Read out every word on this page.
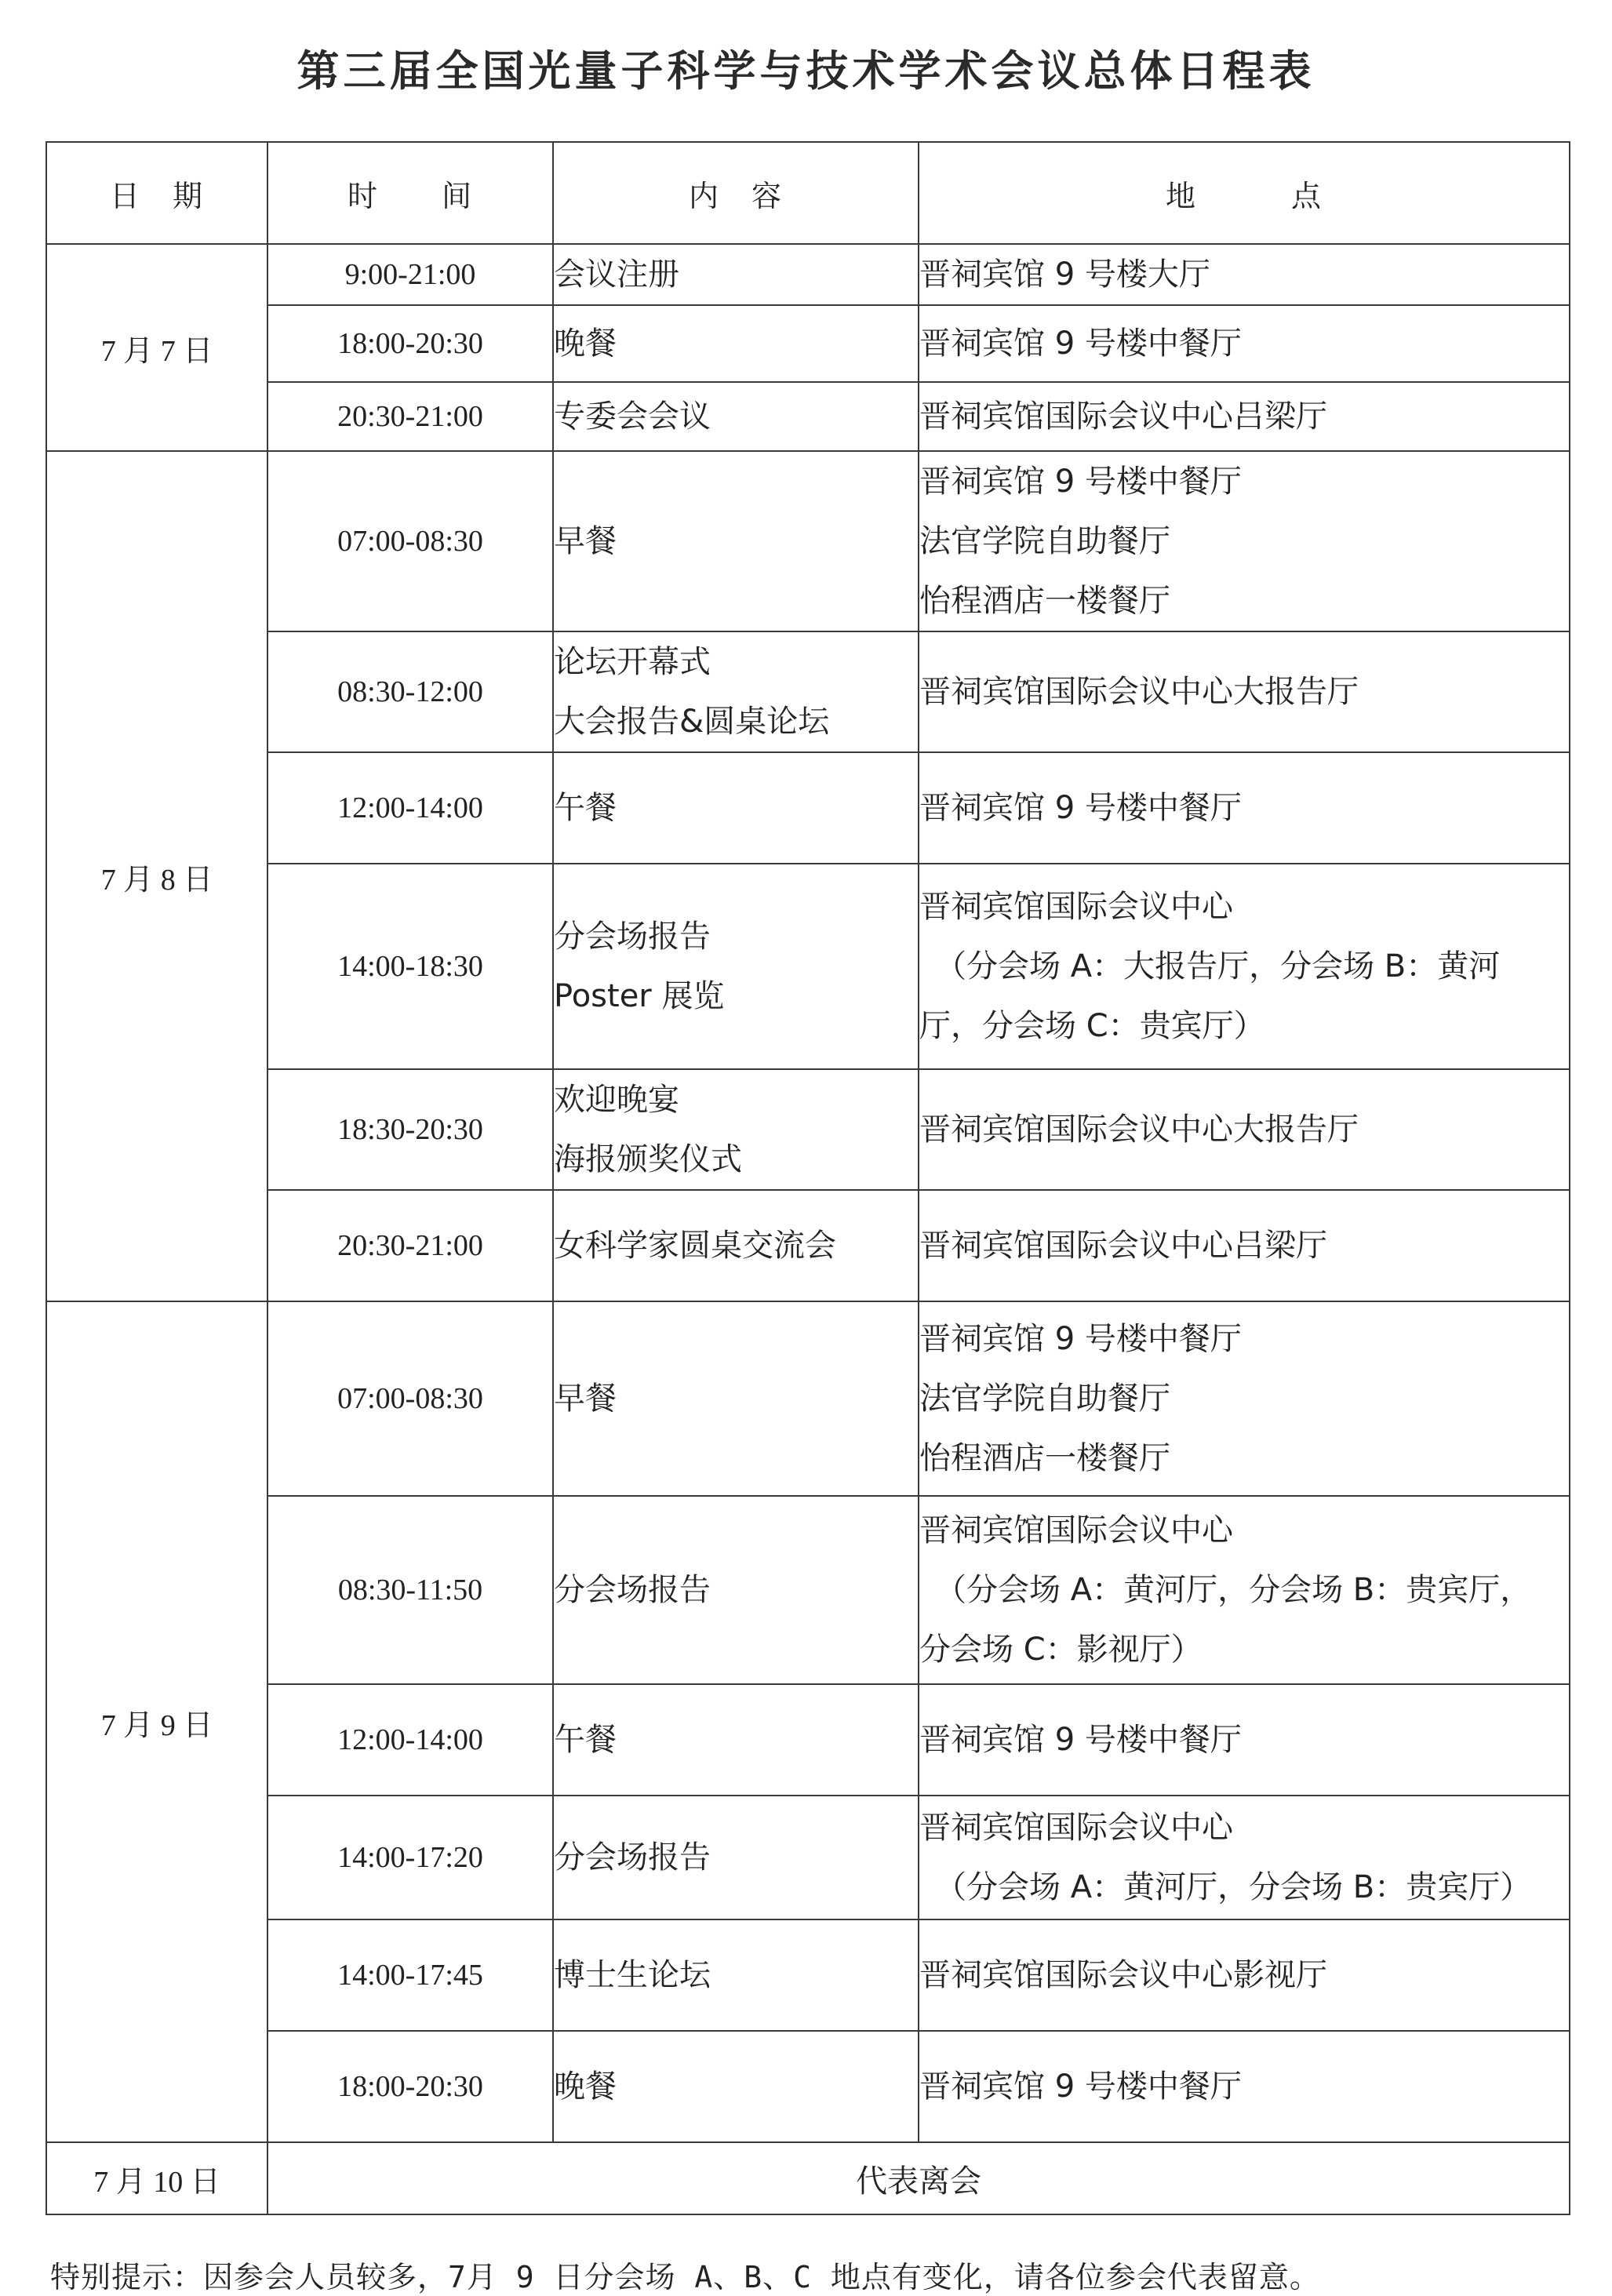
第三届全国光量子科学与技术学术会议总体日程表
日　期	时　　间	内　容	地　　　点
7 月 7 日	9:00-21:00	会议注册	晋祠宾馆 9 号楼大厅

	18:00-20:30	晚餐	晋祠宾馆 9 号楼中餐厅

	20:30-21:00	专委会会议	晋祠宾馆国际会议中心吕梁厅

7 月 8 日	07:00-08:30	早餐	晋祠宾馆 9 号楼中餐厅
法官学院自助餐厅
怡程酒店一楼餐厅

	08:30-12:00	论坛开幕式
大会报告&圆桌论坛	晋祠宾馆国际会议中心大报告厅

	12:00-14:00	午餐	晋祠宾馆 9 号楼中餐厅

	14:00-18:30	分会场报告
Poster 展览	晋祠宾馆国际会议中心
（分会场 A：大报告厅，分会场 B：黄河
厅，分会场 C：贵宾厅）

	18:30-20:30	欢迎晚宴
海报颁奖仪式	晋祠宾馆国际会议中心大报告厅

	20:30-21:00	女科学家圆桌交流会	晋祠宾馆国际会议中心吕梁厅

7 月 9 日	07:00-08:30	早餐	晋祠宾馆 9 号楼中餐厅
法官学院自助餐厅
怡程酒店一楼餐厅

	08:30-11:50	分会场报告	晋祠宾馆国际会议中心
（分会场 A：黄河厅，分会场 B：贵宾厅，
分会场 C：影视厅）

	12:00-14:00	午餐	晋祠宾馆 9 号楼中餐厅

	14:00-17:20	分会场报告	晋祠宾馆国际会议中心
（分会场 A：黄河厅，分会场 B：贵宾厅）

	14:00-17:45	博士生论坛	晋祠宾馆国际会议中心影视厅

	18:00-20:30	晚餐	晋祠宾馆 9 号楼中餐厅

7 月 10 日	代表离会		
特别提示：因参会人员较多，7月 9 日分会场 A、B、C 地点有变化，请各位参会代表留意。
